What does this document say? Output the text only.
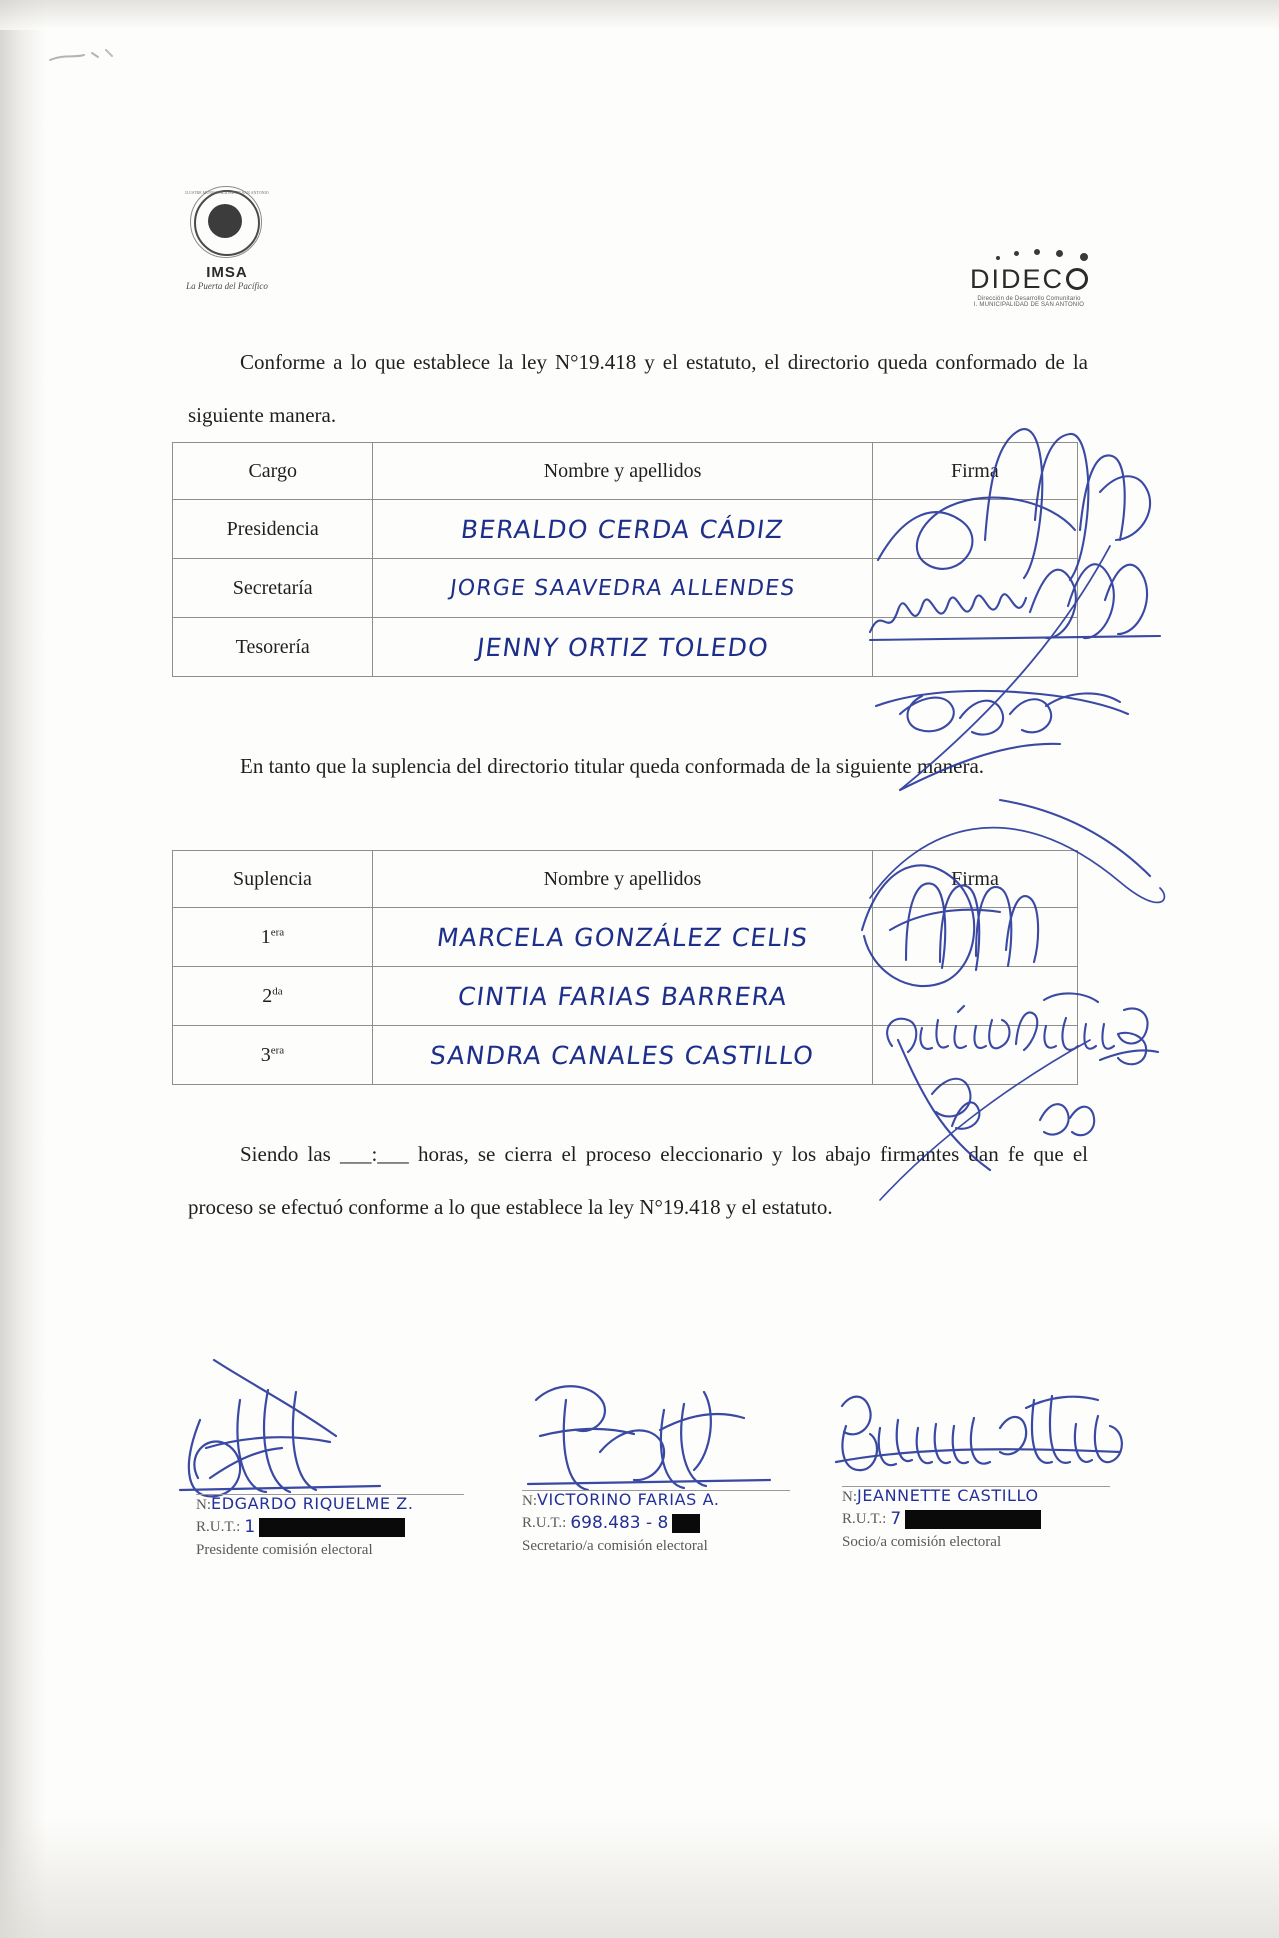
ILUSTRE MUNICIPALIDAD DE SAN ANTONIO
IMSA
La Puerta del Pacífico	DIDEC
Dirección de Desarrollo Comunitario
I. MUNICIPALIDAD DE SAN ANTONIO
Conforme a lo que establece la ley N°19.418 y el estatuto, el directorio queda conformado de la siguiente manera.
Cargo	Nombre y apellidos	Firma
Presidencia	BERALDO CERDA CÁDIZ	
Secretaría	JORGE SAAVEDRA ALLENDES	
Tesorería	JENNY ORTIZ TOLEDO	
En tanto que la suplencia del directorio titular queda conformada de la siguiente manera.
Suplencia	Nombre y apellidos	Firma
$1^{era}$	MARCELA GONZÁLEZ CELIS	
$2^{da}$	CINTIA FARIAS BARRERA	
$3^{era}$	SANDRA CANALES CASTILLO	
Siendo las ___:___ horas, se cierra el proceso eleccionario y los abajo firmantes dan fe que el proceso se efectuó conforme a lo que establece la ley N°19.418 y el estatuto.
N:EDGARDO RIQUELME Z.
R.U.T.: 1
Presidente comisión electoral
N:VICTORINO FARIAS A.
R.U.T.: 698.483 - 8
Secretario/a comisión electoral
N:JEANNETTE CASTILLO
R.U.T.: 7
Socio/a comisión electoral
